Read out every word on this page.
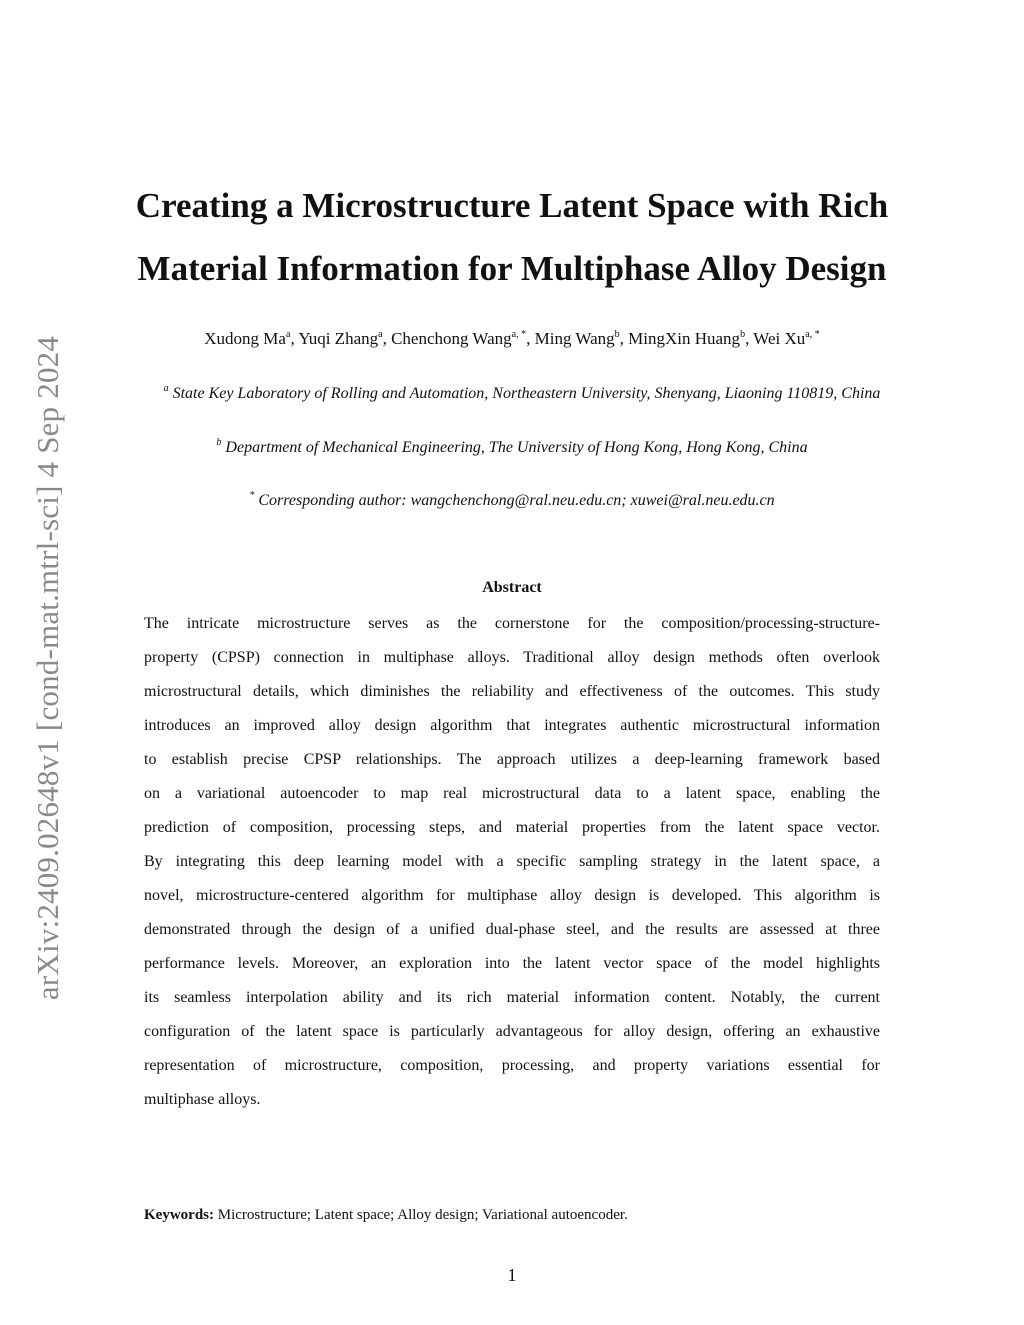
arXiv:2409.02648v1 [cond-mat.mtrl-sci] 4 Sep 2024
Creating a Microstructure Latent Space with Rich
Material Information for Multiphase Alloy Design
Xudong Ma$^a$, Yuqi Zhang$^a$, Chenchong Wang$^{a, *}$, Ming Wang$^b$, MingXin Huang$^b$, Wei $Xu^{a, *}$
$^a$ State Key Laboratory of Rolling and Automation, Northeastern University, Shenyang, Liaoning 110819, China
$^b$ Department of Mechanical Engineering, The University of Hong Kong, Hong Kong, China
* Corresponding author: wangchenchong@ral.neu.edu.cn; xuwei@ral.neu.edu.cn
Abstract
The intricate microstructure serves as the cornerstone for the composition/processing-structure-
property (CPSP) connection in multiphase alloys. Traditional alloy design methods often overlook
microstructural details, which diminishes the reliability and effectiveness of the outcomes. This study
introduces an improved alloy design algorithm that integrates authentic microstructural information
to establish precise CPSP relationships. The approach utilizes a deep-learning framework based
on a variational autoencoder to map real microstructural data to a latent space, enabling the
prediction of composition, processing steps, and material properties from the latent space vector.
By integrating this deep learning model with a specific sampling strategy in the latent space, a
novel, microstructure-centered algorithm for multiphase alloy design is developed. This algorithm is
demonstrated through the design of a unified dual-phase steel, and the results are assessed at three
performance levels. Moreover, an exploration into the latent vector space of the model highlights
its seamless interpolation ability and its rich material information content. Notably, the current
configuration of the latent space is particularly advantageous for alloy design, offering an exhaustive
representation of microstructure, composition, processing, and property variations essential for
multiphase alloys.
Keywords: Microstructure; Latent space; Alloy design; Variational autoencoder.
1
